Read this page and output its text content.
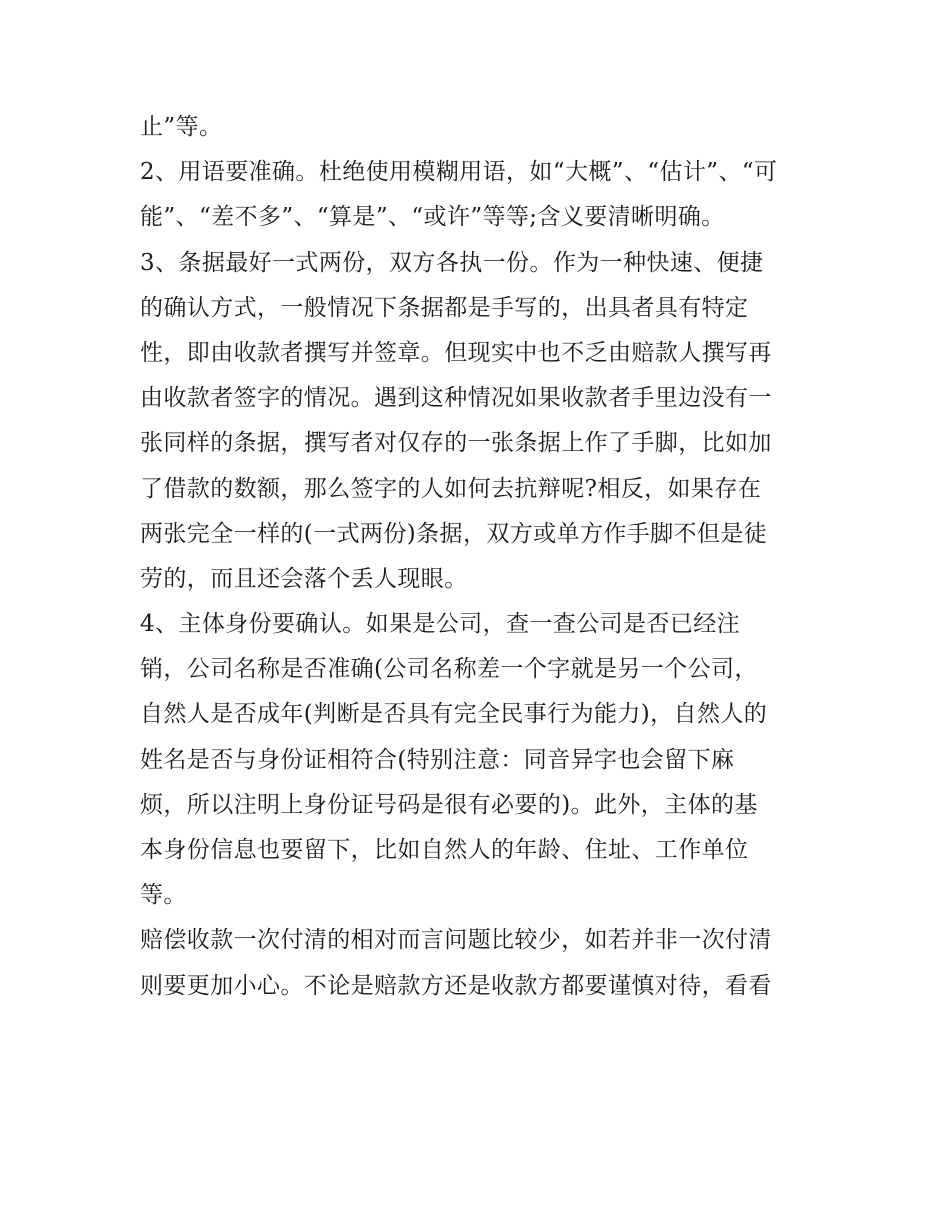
止”等。
2、用语要准确。杜绝使用模糊用语，如“大概”、“估计”、“可
能”、“差不多”、“算是”、“或许”等等;含义要清晰明确。
3、条据最好一式两份，双方各执一份。作为一种快速、便捷
的确认方式，一般情况下条据都是手写的，出具者具有特定
性，即由收款者撰写并签章。但现实中也不乏由赔款人撰写再
由收款者签字的情况。遇到这种情况如果收款者手里边没有一
张同样的条据，撰写者对仅存的一张条据上作了手脚，比如加
了借款的数额，那么签字的人如何去抗辩呢?相反，如果存在
两张完全一样的(一式两份)条据，双方或单方作手脚不但是徒
劳的，而且还会落个丢人现眼。
4、主体身份要确认。如果是公司，查一查公司是否已经注
销，公司名称是否准确(公司名称差一个字就是另一个公司，
自然人是否成年(判断是否具有完全民事行为能力)，自然人的
姓名是否与身份证相符合(特别注意：同音异字也会留下麻
烦，所以注明上身份证号码是很有必要的)。此外，主体的基
本身份信息也要留下，比如自然人的年龄、住址、工作单位
等。
赔偿收款一次付清的相对而言问题比较少，如若并非一次付清
则要更加小心。不论是赔款方还是收款方都要谨慎对待，看看
